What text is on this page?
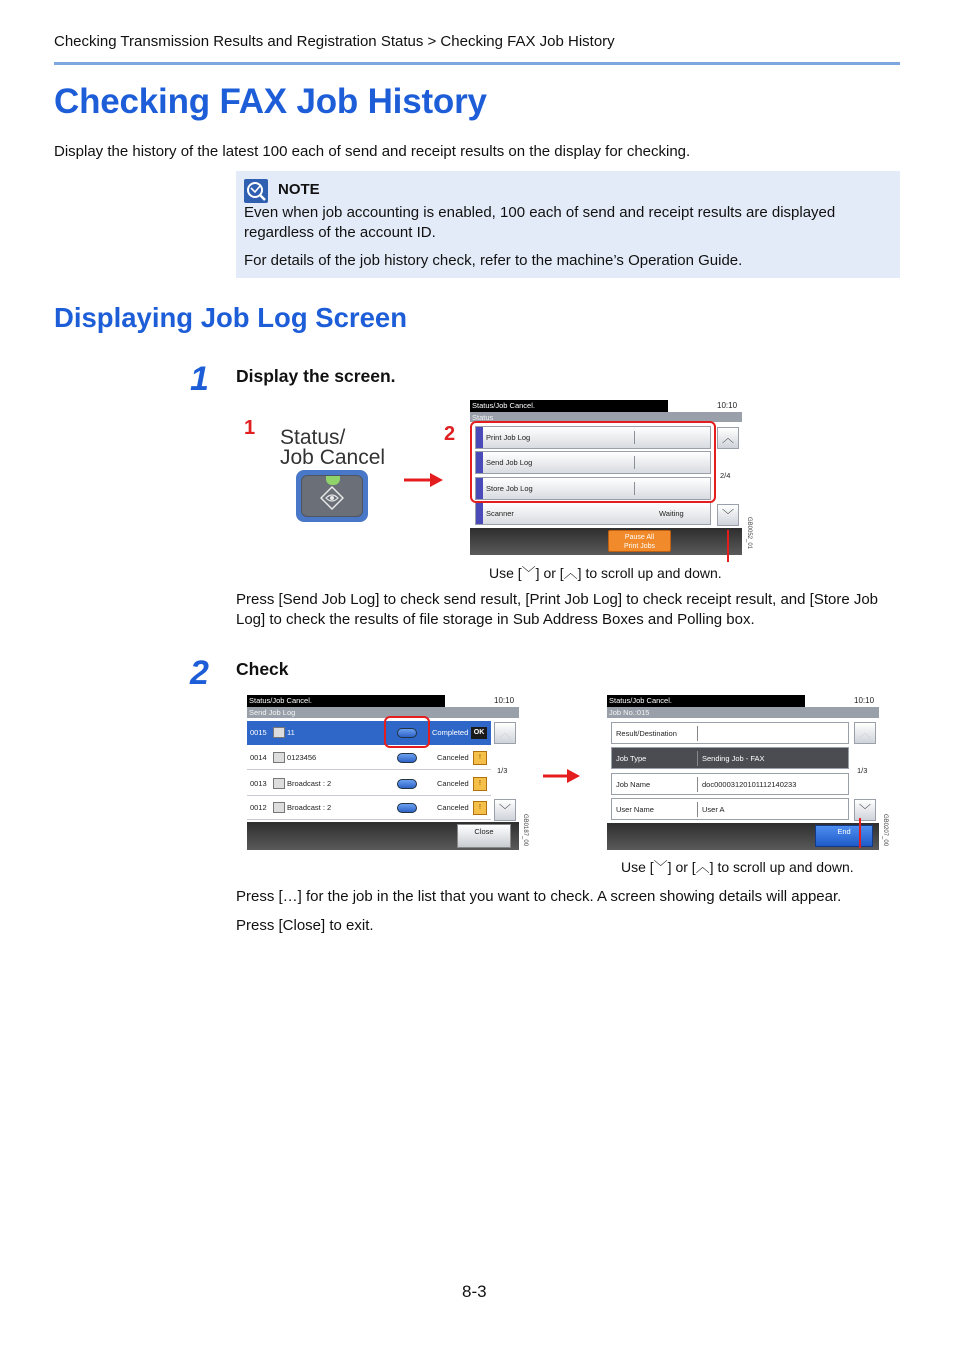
Checking Transmission Results and Registration Status > Checking FAX Job History
Checking FAX Job History

Display the history of the latest 100 each of send and receipt results on the display for checking.

NOTE
Even when job accounting is enabled, 100 each of send and receipt results are displayed regardless of the account ID.
For details of the job history check, refer to the machine’s Operation Guide.
Displaying Job Log Screen
1 Display the screen.
1 Status/
Job Cancel
2
Status/Job Cancel.	10:10
Status
Print Job Log
Send Job Log
Store Job Log
Scanner	Waiting
︿
2/4
﹀
Pause All
Print Jobs	GB0052_01
Use [﹀] or [︿] to scroll up and down.

Press [Send Job Log] to check send result, [Print Job Log] to check receipt result, and [Store Job Log] to check the results of file storage in Sub Address Boxes and Polling box.

2 Check
Status/Job Cancel.	10:10
Send Job Log
0015	11	Completed OK
0014	0123456	Canceled	!
0013	Broadcast : 2	Canceled	!
0012	Broadcast : 2	Canceled	!
︿
1/3
﹀
Close	GB0187_00
Status/Job Cancel.	10:10
Job No.:015
Result/Destination
Job Type	Sending Job - FAX
Job Name	doc00003120101112140233
User Name	User A
︿
1/3
﹀
End	GB0207_00
Use [﹀] or [︿] to scroll up and down.

Press […] for the job in the list that you want to check. A screen showing details will appear.

Press [Close] to exit.

8-3
